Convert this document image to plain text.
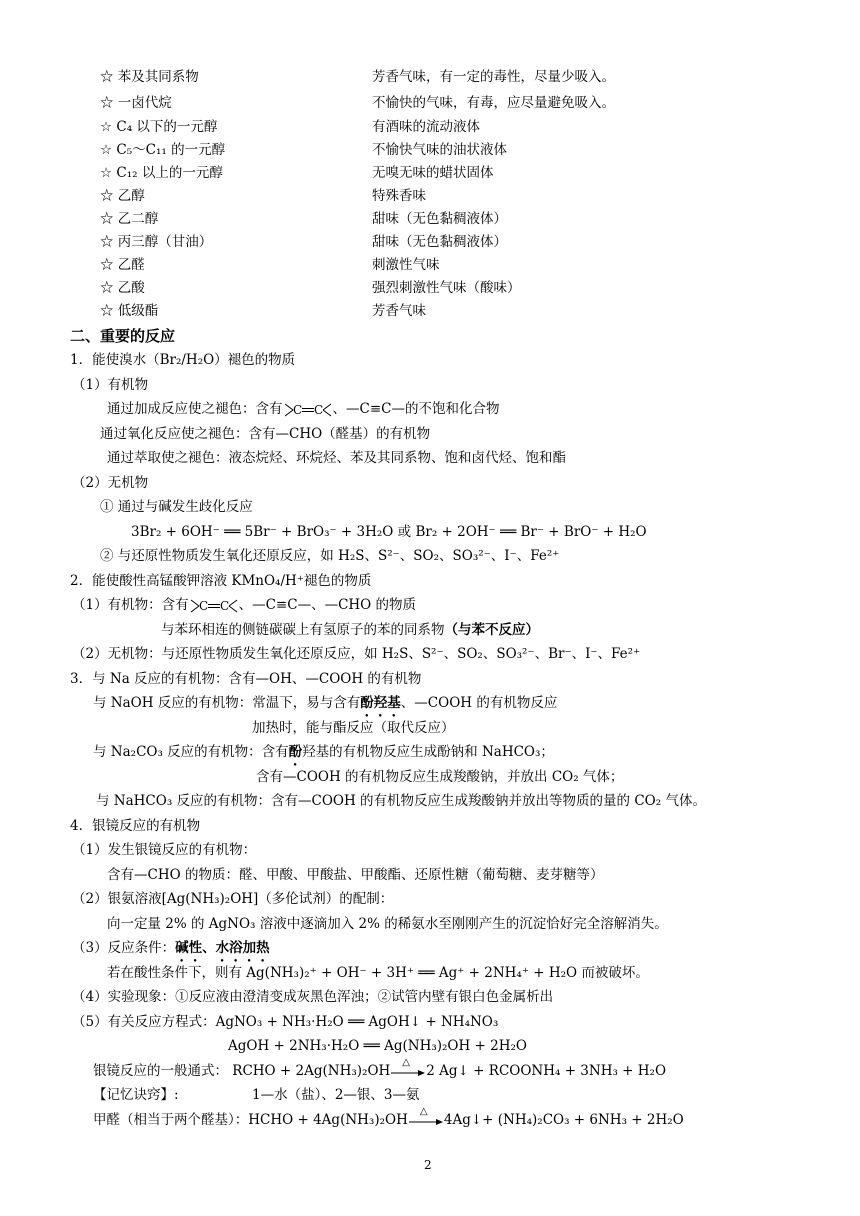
☆ 苯及其同系物	芳香气味，有一定的毒性，尽量少吸入。
☆ 一卤代烷	不愉快的气味，有毒，应尽量避免吸入。
☆ C₄ 以下的一元醇	有酒味的流动液体
☆ C₅～C₁₁ 的一元醇	不愉快气味的油状液体
☆ C₁₂ 以上的一元醇	无嗅无味的蜡状固体
☆ 乙醇	特殊香味
☆ 乙二醇	甜味（无色黏稠液体）
☆ 丙三醇（甘油）	甜味（无色黏稠液体）
☆ 乙醛	刺激性气味
☆ 乙酸	强烈刺激性气味（酸味）
☆ 低级酯	芳香气味
二、重要的反应
1．能使溴水（Br₂/H₂O）褪色的物质
（1）有机物
通过加成反应使之褪色：含有 C C 、—C≡C—的不饱和化合物
通过氧化反应使之褪色：含有—CHO（醛基）的有机物
通过萃取使之褪色：液态烷烃、环烷烃、苯及其同系物、饱和卤代烃、饱和酯
（2）无机物
① 通过与碱发生歧化反应
3Br₂ + 6OH⁻ ══ 5Br⁻ + BrO₃⁻ + 3H₂O 或 Br₂ + 2OH⁻ ══ Br⁻ + BrO⁻ + H₂O
② 与还原性物质发生氧化还原反应，如 H₂S、S²⁻、SO₂、SO₃²⁻、I⁻、Fe²⁺
2．能使酸性高锰酸钾溶液 KMnO₄/H⁺褪色的物质
（1）有机物：含有 C C 、—C≡C—、—CHO 的物质
与苯环相连的侧链碳碳上有氢原子的苯的同系物（与苯不反应）
（2）无机物：与还原性物质发生氧化还原反应，如 H₂S、S²⁻、SO₂、SO₃²⁻、Br⁻、I⁻、Fe²⁺
3．与 Na 反应的有机物：含有—OH、—COOH 的有机物
与 NaOH 反应的有机物：常温下，易与含有酚羟基、—COOH 的有机物反应
加热时，能与酯反应（取代反应）
与 Na₂CO₃ 反应的有机物：含有酚羟基的有机物反应生成酚钠和 NaHCO₃；
含有—COOH 的有机物反应生成羧酸钠，并放出 CO₂ 气体；
与 NaHCO₃ 反应的有机物：含有—COOH 的有机物反应生成羧酸钠并放出等物质的量的 CO₂ 气体。
4．银镜反应的有机物
（1）发生银镜反应的有机物：
含有—CHO 的物质：醛、甲酸、甲酸盐、甲酸酯、还原性糖（葡萄糖、麦芽糖等）
（2）银氨溶液[Ag(NH₃)₂OH]（多伦试剂）的配制：
向一定量 2% 的 AgNO₃ 溶液中逐滴加入 2% 的稀氨水至刚刚产生的沉淀恰好完全溶解消失。
（3）反应条件：碱性、水浴加热
若在酸性条件下，则有 Ag(NH₃)₂⁺ + OH⁻ + 3H⁺ ══ Ag⁺ + 2NH₄⁺ + H₂O 而被破坏。
（4）实验现象：①反应液由澄清变成灰黑色浑浊；②试管内壁有银白色金属析出
（5）有关反应方程式：AgNO₃ + NH₃·H₂O ══ AgOH↓ + NH₄NO₃
AgOH + 2NH₃·H₂O ══ Ag(NH₃)₂OH + 2H₂O
银镜反应的一般通式： RCHO + 2Ag(NH₃)₂OH
△
2 Ag↓ + RCOONH₄ + 3NH₃ + H₂O
【记忆诀窍】:	1—水（盐）、2—银、3—氨
甲醛（相当于两个醛基）：HCHO + 4Ag(NH₃)₂OH
△
4Ag↓+ (NH₄)₂CO₃ + 6NH₃ + 2H₂O
2
